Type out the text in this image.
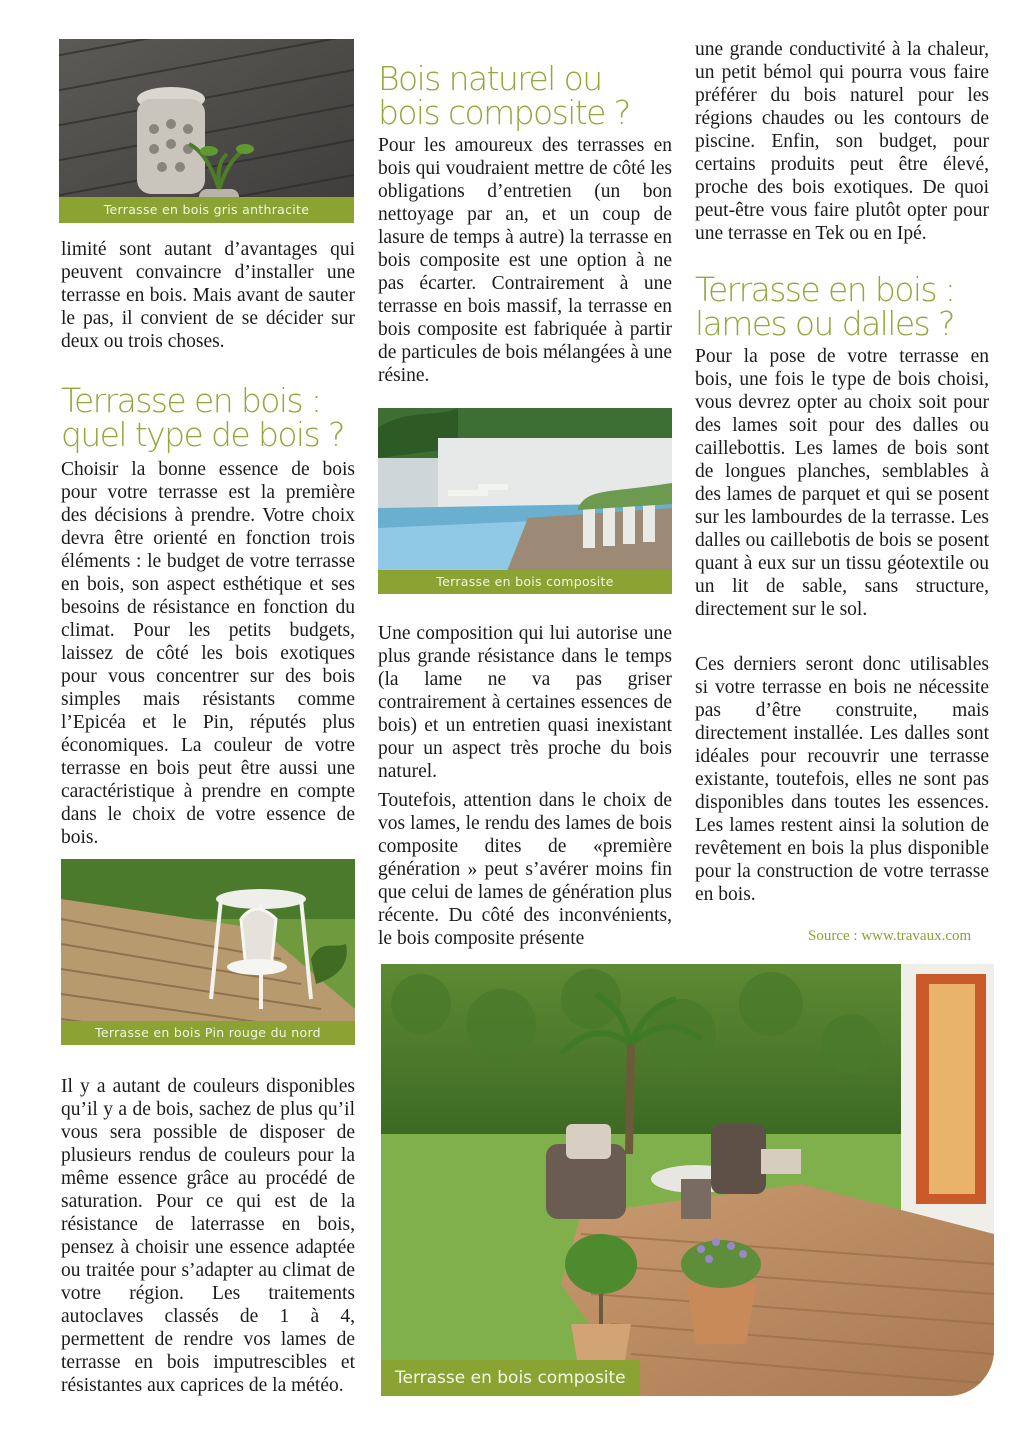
Terrasse en bois gris anthracite

limité sont autant d’avantages qui peuvent convaincre d’installer une terrasse en bois. Mais avant de sauter le pas, il convient de se décider sur deux ou trois choses.

Terrasse en bois :
quel type de bois ?

Choisir la bonne essence de bois pour votre terrasse est la première des décisions à prendre. Votre choix devra être orienté en fonction trois éléments : le budget de votre terrasse en bois, son aspect esthétique et ses besoins de résistance en fonction du climat. Pour les petits budgets, laissez de côté les bois exotiques pour vous concentrer sur des bois simples mais résistants comme l’Epicéa et le Pin, réputés plus économiques. La couleur de votre terrasse en bois peut être aussi une caractéristique à prendre en compte dans le choix de votre essence de bois.

Terrasse en bois Pin rouge du nord

Il y a autant de couleurs disponibles qu’il y a de bois, sachez de plus qu’il vous sera possible de disposer de plusieurs rendus de couleurs pour la même essence grâce au procédé de saturation. Pour ce qui est de la résistance de laterrasse en bois, pensez à choisir une essence adaptée ou traitée pour s’adapter au climat de votre région. Les traitements autoclaves classés de 1 à 4, permettent de rendre vos lames de terrasse en bois imputrescibles et résistantes aux caprices de la météo.

Bois naturel ou
bois composite ?

Pour les amoureux des terrasses en bois qui voudraient mettre de côté les obligations d’entretien (un bon nettoyage par an, et un coup de lasure de temps à autre) la terrasse en bois composite est une option à ne pas écarter. Contrairement à une terrasse en bois massif, la terrasse en bois composite est fabriquée à partir de particules de bois mélangées à une résine.

Terrasse en bois composite

Une composition qui lui autorise une plus grande résistance dans le temps (la lame ne va pas griser contrairement à certaines essences de bois) et un entretien quasi inexistant pour un aspect très proche du bois naturel.

Toutefois, attention dans le choix de vos lames, le rendu des lames de bois composite dites de «première génération » peut s’avérer moins fin que celui de lames de génération plus récente. Du côté des inconvénients, le bois composite présente

une grande conductivité à la chaleur, un petit bémol qui pourra vous faire préférer du bois naturel pour les régions chaudes ou les contours de piscine. Enfin, son budget, pour certains produits peut être élevé, proche des bois exotiques. De quoi peut-être vous faire plutôt opter pour une terrasse en Tek ou en Ipé.

Terrasse en bois :
lames ou dalles ?

Pour la pose de votre terrasse en bois, une fois le type de bois choisi, vous devrez opter au choix soit pour des lames soit pour des dalles ou caillebottis. Les lames de bois sont de longues planches, semblables à des lames de parquet et qui se posent sur les lambourdes de la terrasse. Les dalles ou caillebotis de bois se posent quant à eux sur un tissu géotextile ou un lit de sable, sans structure, directement sur le sol.

Ces derniers seront donc utilisables si votre terrasse en bois ne nécessite pas d’être construite, mais directement installée. Les dalles sont idéales pour recouvrir une terrasse existante, toutefois, elles ne sont pas disponibles dans toutes les essences. Les lames restent ainsi la solution de revêtement en bois la plus disponible pour la construction de votre terrasse en bois.

Source : www.travaux.com
Terrasse en bois composite
